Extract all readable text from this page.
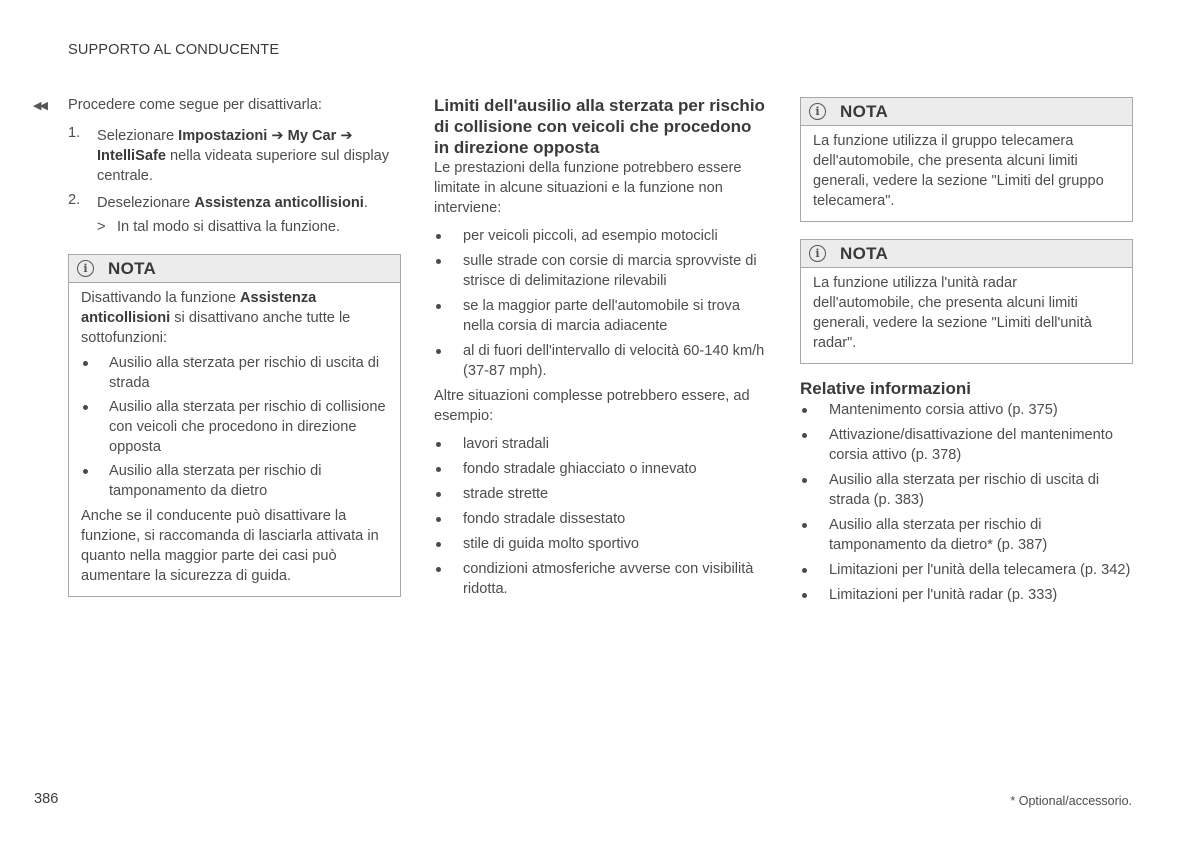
SUPPORTO AL CONDUCENTE
◀◀ Procedere come segue per disattivarla:

1. Selezionare Impostazioni ➔ My Car ➔
IntelliSafe nella videata superiore sul display centrale.
2. Deselezionare Assistenza anticollisioni.
> In tal modo si disattiva la funzione.
i	NOTA

Disattivando la funzione Assistenza anticollisioni si disattivano anche tutte le sottofunzioni:

Ausilio alla sterzata per rischio di uscita di strada
Ausilio alla sterzata per rischio di collisione con veicoli che procedono in direzione opposta
Ausilio alla sterzata per rischio di tamponamento da dietro

Anche se il conducente può disattivare la funzione, si raccomanda di lasciarla attivata in quanto nella maggior parte dei casi può aumentare la sicurezza di guida.

Limiti dell'ausilio alla sterzata per rischio di collisione con veicoli che procedono in direzione opposta

Le prestazioni della funzione potrebbero essere limitate in alcune situazioni e la funzione non interviene:

per veicoli piccoli, ad esempio motocicli
sulle strade con corsie di marcia sprovviste di strisce di delimitazione rilevabili
se la maggior parte dell'automobile si trova nella corsia di marcia adiacente
al di fuori dell'intervallo di velocità 60-140 km/h (37-87 mph).

Altre situazioni complesse potrebbero essere, ad esempio:

lavori stradali
fondo stradale ghiacciato o innevato
strade strette
fondo stradale dissestato
stile di guida molto sportivo
condizioni atmosferiche avverse con visibilità ridotta.
i	NOTA

La funzione utilizza il gruppo telecamera dell'automobile, che presenta alcuni limiti generali, vedere la sezione "Limiti del gruppo telecamera".

i	NOTA

La funzione utilizza l'unità radar dell'automobile, che presenta alcuni limiti generali, vedere la sezione "Limiti dell'unità radar".

Relative informazioni
Mantenimento corsia attivo (p. 375)
Attivazione/disattivazione del mantenimento corsia attivo (p. 378)
Ausilio alla sterzata per rischio di uscita di strada (p. 383)
Ausilio alla sterzata per rischio di tamponamento da dietro* (p. 387)
Limitazioni per l'unità della telecamera (p. 342)
Limitazioni per l'unità radar (p. 333)
386	* Optional/accessorio.
